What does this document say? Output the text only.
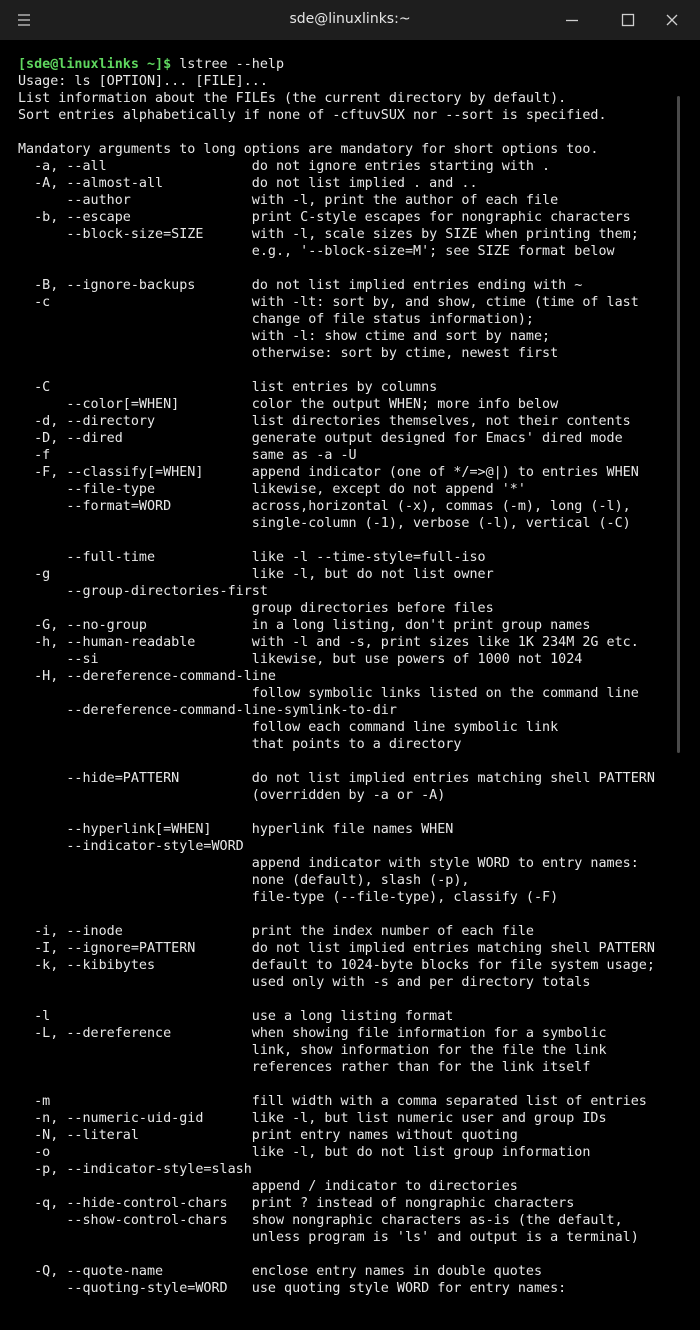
sde@linuxlinks:~
[sde@linuxlinks ~]$ lstree --help
Usage: ls [OPTION]... [FILE]...
List information about the FILEs (the current directory by default).
Sort entries alphabetically if none of -cftuvSUX nor --sort is specified.
Mandatory arguments to long options are mandatory for short options too.
-a, --all                  do not ignore entries starting with .
-A, --almost-all           do not list implied . and ..
--author               with -l, print the author of each file
-b, --escape               print C-style escapes for nongraphic characters
--block-size=SIZE      with -l, scale sizes by SIZE when printing them;
e.g., '--block-size=M'; see SIZE format below
-B, --ignore-backups       do not list implied entries ending with ~
-c                         with -lt: sort by, and show, ctime (time of last
change of file status information);
with -l: show ctime and sort by name;
otherwise: sort by ctime, newest first
-C                         list entries by columns
--color[=WHEN]         color the output WHEN; more info below
-d, --directory            list directories themselves, not their contents
-D, --dired                generate output designed for Emacs' dired mode
-f                         same as -a -U
-F, --classify[=WHEN]      append indicator (one of */=>@|) to entries WHEN
--file-type            likewise, except do not append '*'
--format=WORD          across,horizontal (-x), commas (-m), long (-l),
single-column (-1), verbose (-l), vertical (-C)
--full-time            like -l --time-style=full-iso
-g                         like -l, but do not list owner
--group-directories-first
group directories before files
-G, --no-group             in a long listing, don't print group names
-h, --human-readable       with -l and -s, print sizes like 1K 234M 2G etc.
--si                   likewise, but use powers of 1000 not 1024
-H, --dereference-command-line
follow symbolic links listed on the command line
--dereference-command-line-symlink-to-dir
follow each command line symbolic link
that points to a directory
--hide=PATTERN         do not list implied entries matching shell PATTERN
(overridden by -a or -A)
--hyperlink[=WHEN]     hyperlink file names WHEN
--indicator-style=WORD
append indicator with style WORD to entry names:
none (default), slash (-p),
file-type (--file-type), classify (-F)
-i, --inode                print the index number of each file
-I, --ignore=PATTERN       do not list implied entries matching shell PATTERN
-k, --kibibytes            default to 1024-byte blocks for file system usage;
used only with -s and per directory totals
-l                         use a long listing format
-L, --dereference          when showing file information for a symbolic
link, show information for the file the link
references rather than for the link itself
-m                         fill width with a comma separated list of entries
-n, --numeric-uid-gid      like -l, but list numeric user and group IDs
-N, --literal              print entry names without quoting
-o                         like -l, but do not list group information
-p, --indicator-style=slash
append / indicator to directories
-q, --hide-control-chars   print ? instead of nongraphic characters
--show-control-chars   show nongraphic characters as-is (the default,
unless program is 'ls' and output is a terminal)
-Q, --quote-name           enclose entry names in double quotes
--quoting-style=WORD   use quoting style WORD for entry names:
